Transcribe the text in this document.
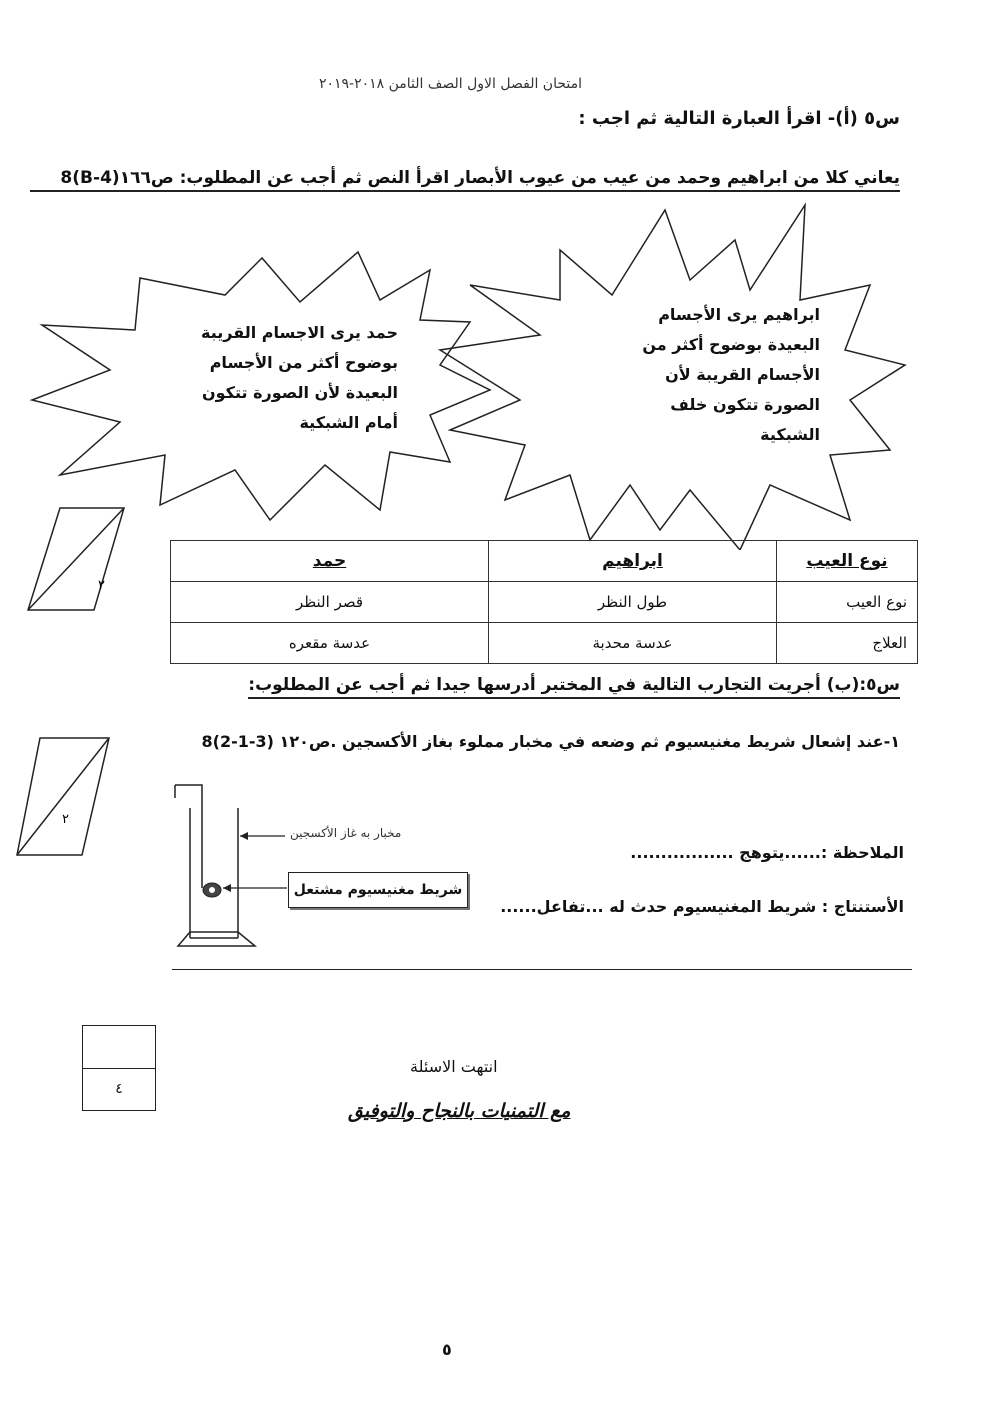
امتحان الفصل الاول الصف الثامن ٢٠١٨-٢٠١٩
س٥ (أ)- اقرأ العبارة التالية ثم اجب :
يعاني كلا من ابراهيم وحمد من عيب من عيوب الأبصار اقرأ النص ثم أجب عن المطلوب: ص١٦٦(4-B)8
حمد يرى الاجسام القريبة
بوضوح أكثر من الأجسام
البعيدة لأن الصورة تتكون
أمام الشبكية
ابراهيم يرى الأجسام
البعيدة بوضوح أكثر من
الأجسام القريبة لأن
الصورة تتكون خلف
الشبكية
٢
٢
نوع العيب	ابراهيم	حمد
نوع العيب	طول النظر	قصر النظر
العلاج	عدسة محدبة	عدسة مقعره
س٥:(ب) أجريت التجارب التالية في المختبر أدرسها جيدا ثم أجب عن المطلوب:
١-عند إشعال شريط مغنيسيوم ثم وضعه في مخبار مملوء بغاز الأكسجين .ص١٢٠ (3-1-2)8
مخبار به غاز الأكسجين
شريط مغنيسيوم مشتعل
الملاحظة :......يتوهج .................
الأستنتاج : شريط المغنيسيوم حدث له ...تفاعل......
٤
انتهت الاسئلة
مع التمنيات بالنجاح والتوفيق
٥
